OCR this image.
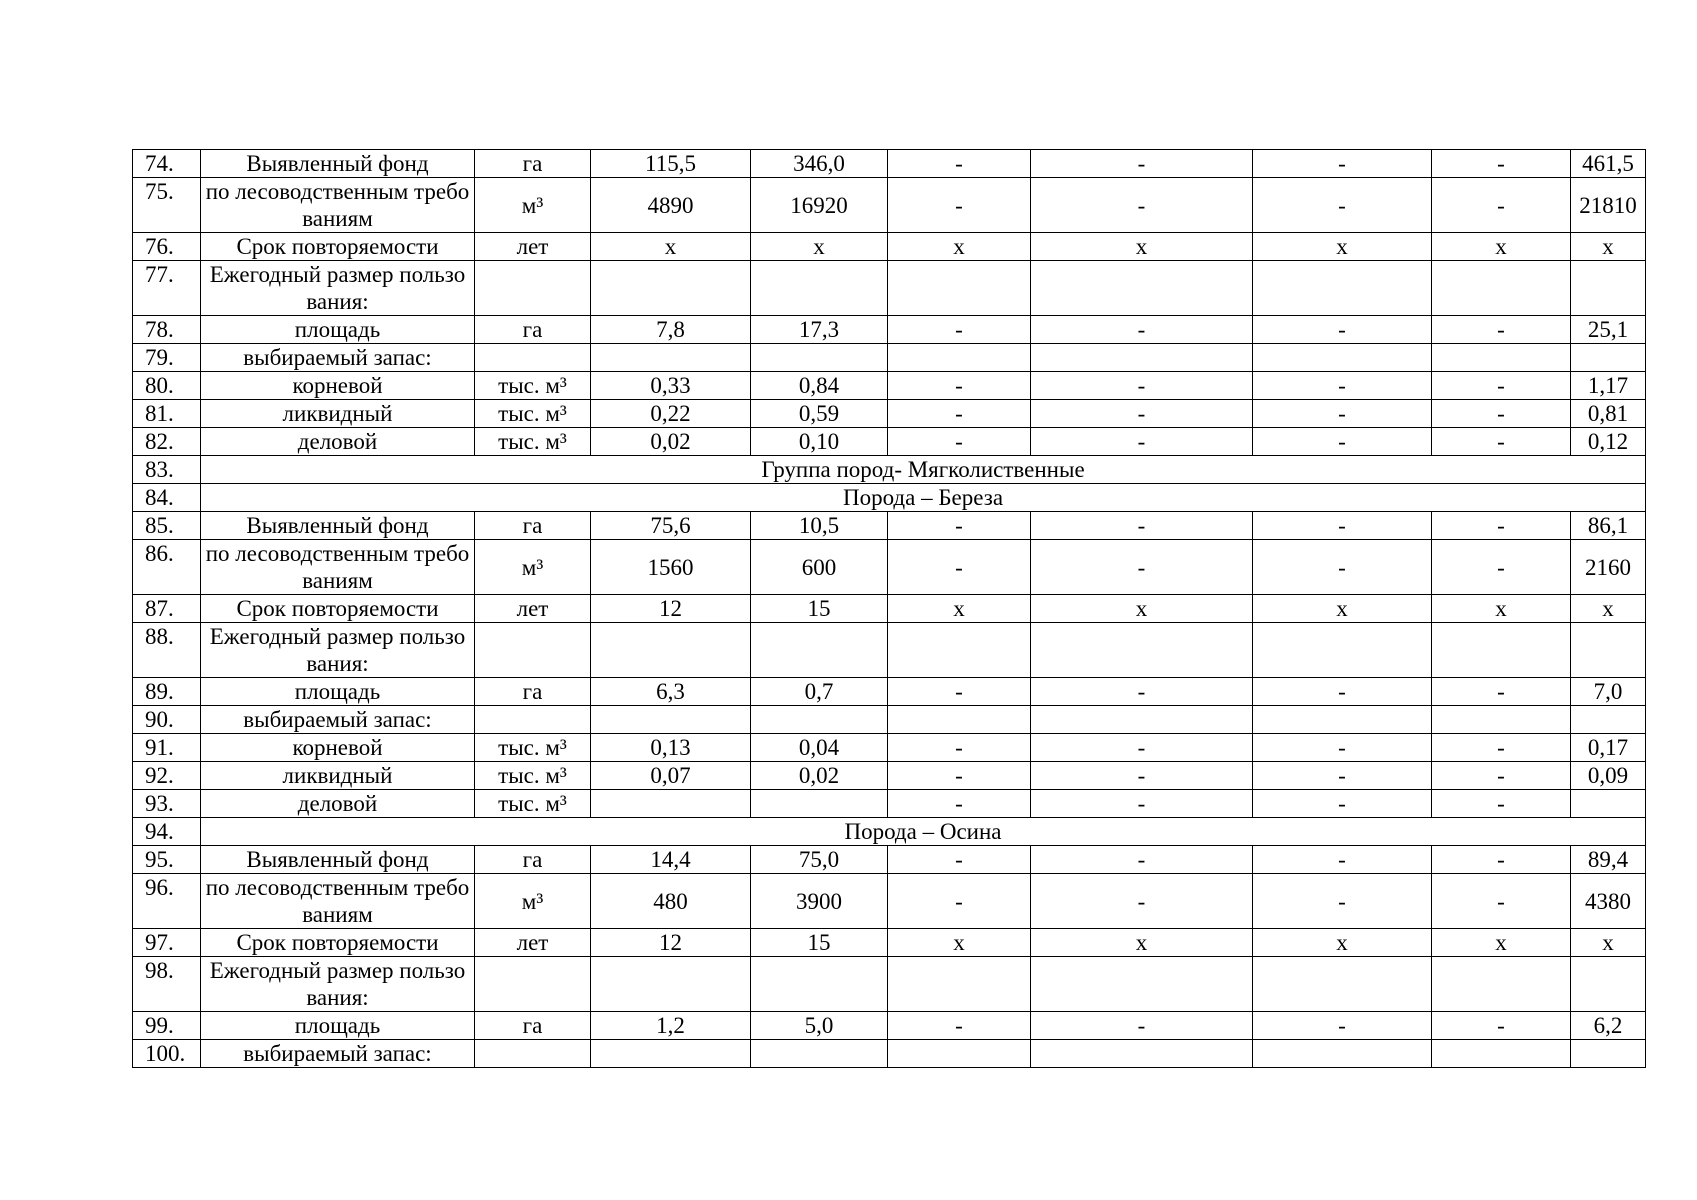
74.	Выявленный фонд	га	115,5	346,0	-	-	-	-	461,5
75.	по лесоводственным требованиям	м³	4890	16920	-	-	-	-	21810
76.	Срок повторяемости	лет	х	х	х	х	х	х	х
77.	Ежегодный размер пользования:								
78.	площадь	га	7,8	17,3	-	-	-	-	25,1
79.	выбираемый запас:								
80.	корневой	тыс. м³	0,33	0,84	-	-	-	-	1,17
81.	ликвидный	тыс. м³	0,22	0,59	-	-	-	-	0,81
82.	деловой	тыс. м³	0,02	0,10	-	-	-	-	0,12
83.	Группа пород- Мягколиственные								
84.	Порода – Береза								
85.	Выявленный фонд	га	75,6	10,5	-	-	-	-	86,1
86.	по лесоводственным требованиям	м³	1560	600	-	-	-	-	2160
87.	Срок повторяемости	лет	12	15	х	х	х	х	х
88.	Ежегодный размер пользования:								
89.	площадь	га	6,3	0,7	-	-	-	-	7,0
90.	выбираемый запас:								
91.	корневой	тыс. м³	0,13	0,04	-	-	-	-	0,17
92.	ликвидный	тыс. м³	0,07	0,02	-	-	-	-	0,09
93.	деловой	тыс. м³			-	-	-	-	
94.	Порода – Осина								
95.	Выявленный фонд	га	14,4	75,0	-	-	-	-	89,4
96.	по лесоводственным требованиям	м³	480	3900	-	-	-	-	4380
97.	Срок повторяемости	лет	12	15	х	х	х	х	х
98.	Ежегодный размер пользования:								
99.	площадь	га	1,2	5,0	-	-	-	-	6,2
100.	выбираемый запас:								
